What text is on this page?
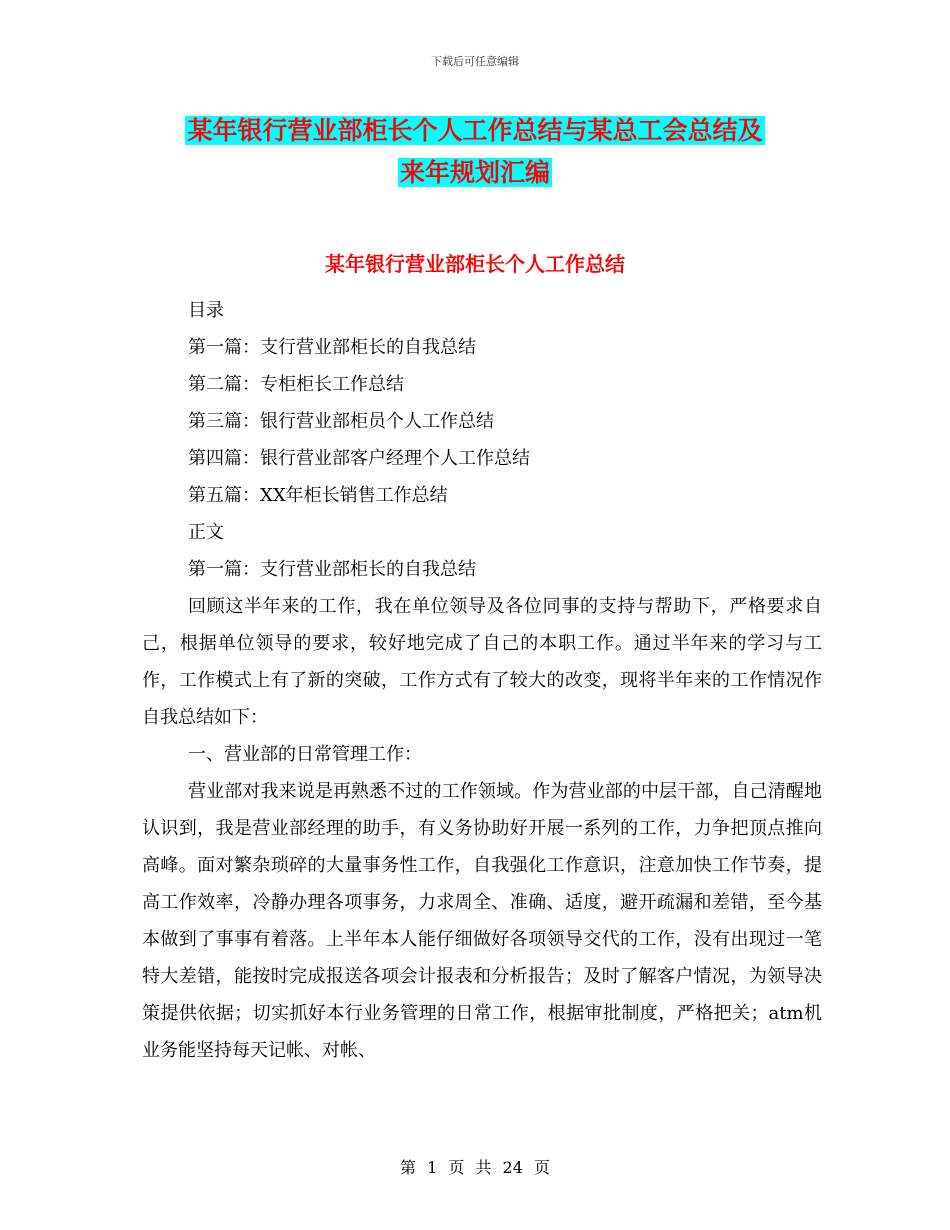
下载后可任意编辑
某年银行营业部柜长个人工作总结与某总工会总结及
来年规划汇编
某年银行营业部柜长个人工作总结
目录
第一篇：支行营业部柜长的自我总结
第二篇：专柜柜长工作总结
第三篇：银行营业部柜员个人工作总结
第四篇：银行营业部客户经理个人工作总结
第五篇：XX年柜长销售工作总结
正文
第一篇：支行营业部柜长的自我总结

回顾这半年来的工作，我在单位领导及各位同事的支持与帮助下，严格要求自己，根据单位领导的要求，较好地完成了自己的本职工作。通过半年来的学习与工作，工作模式上有了新的突破，工作方式有了较大的改变，现将半年来的工作情况作自我总结如下：

一、营业部的日常管理工作：

营业部对我来说是再熟悉不过的工作领域。作为营业部的中层干部，自己清醒地认识到，我是营业部经理的助手，有义务协助好开展一系列的工作，力争把顶点推向高峰。面对繁杂琐碎的大量事务性工作，自我强化工作意识，注意加快工作节奏，提高工作效率，冷静办理各项事务，力求周全、准确、适度，避开疏漏和差错，至今基本做到了事事有着落。上半年本人能仔细做好各项领导交代的工作，没有出现过一笔特大差错，能按时完成报送各项会计报表和分析报告；及时了解客户情况，为领导决策提供依据；切实抓好本行业务管理的日常工作，根据审批制度，严格把关；atm机业务能坚持每天记帐、对帐、

第 1 页 共 24 页
